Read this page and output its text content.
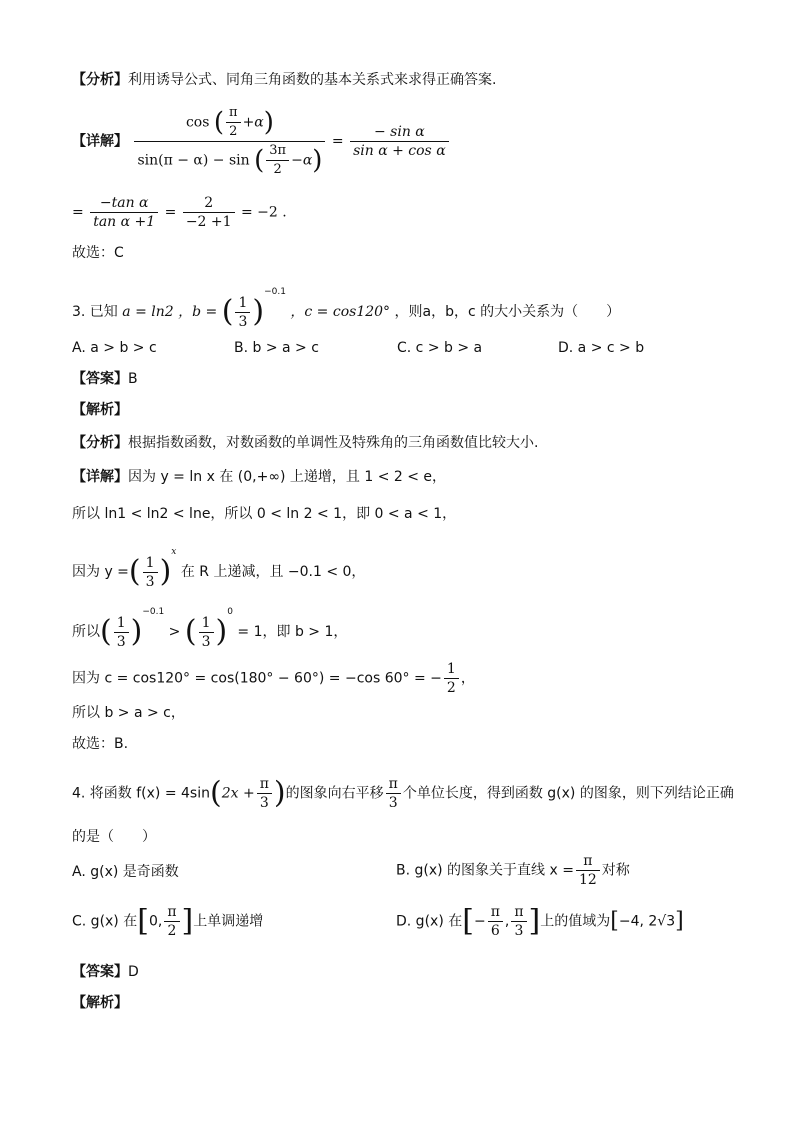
【分析】利用诱导公式、同角三角函数的基本关系式来求得正确答案.
【详解】 $\frac{\cos ( \frac{\pi}{2} +\alpha)}{\sin(\pi - \alpha) - \sin ( \frac{3\pi}{2} -\alpha)} = \frac{\text{− sin α}}{\text{sin α + cos α}}$
= $\frac{\text{−tan α}}{\text{tan α +1}} = \frac{2}{-2 +1} = -2$ .
故选：C
3. 已知 a = ln2 ，b = ( $\frac{1}{3} )^{-0.1}$ ，c = cos120° ，则a，b，c 的大小关系为（　　）
A. a > b > c	B. b > a > c	C. c > b > a	D. a > c > b
【答案】B
【解析】
【分析】根据指数函数，对数函数的单调性及特殊角的三角函数值比较大小.
【详解】因为 y = ln x 在 (0,+∞) 上递增，且 1 < 2 < e，
所以 ln1 < ln2 < lne，所以 0 < ln 2 < 1，即 0 < a < 1，
因为 y =( $\frac{1}{3} )^x$ 在 R 上递减，且 −0.1 < 0，
所以( $\frac{1}{3} )^{-0.1}$ > ( $\frac{1}{3} )^0 = 1$，即 b > 1，
因为 c = cos120° = cos(180° − 60°) = −cos 60° = − $\frac{1}{2}$ ，
所以 b > a > c，
故选：B.
4. 将函数 $f(x) = 4\sin(2x + \frac{\pi}{3}$ )的图象向右平移 $\frac{\pi}{3}$ 个单位长度，得到函数 g(x) 的图象，则下列结论正确
的是（　　）
A. g(x) 是奇函数	B. g(x) 的图象关于直线 $x = \frac{\pi}{12}$ 对称
C. g(x) 在[0, $\frac{\pi}{2}$ ]上单调递增	D. g(x) 在[− $\frac{\pi}{6}$ , $\frac{\pi}{3}$ ]上的值域为[−4, 2√3]
【答案】D
【解析】
